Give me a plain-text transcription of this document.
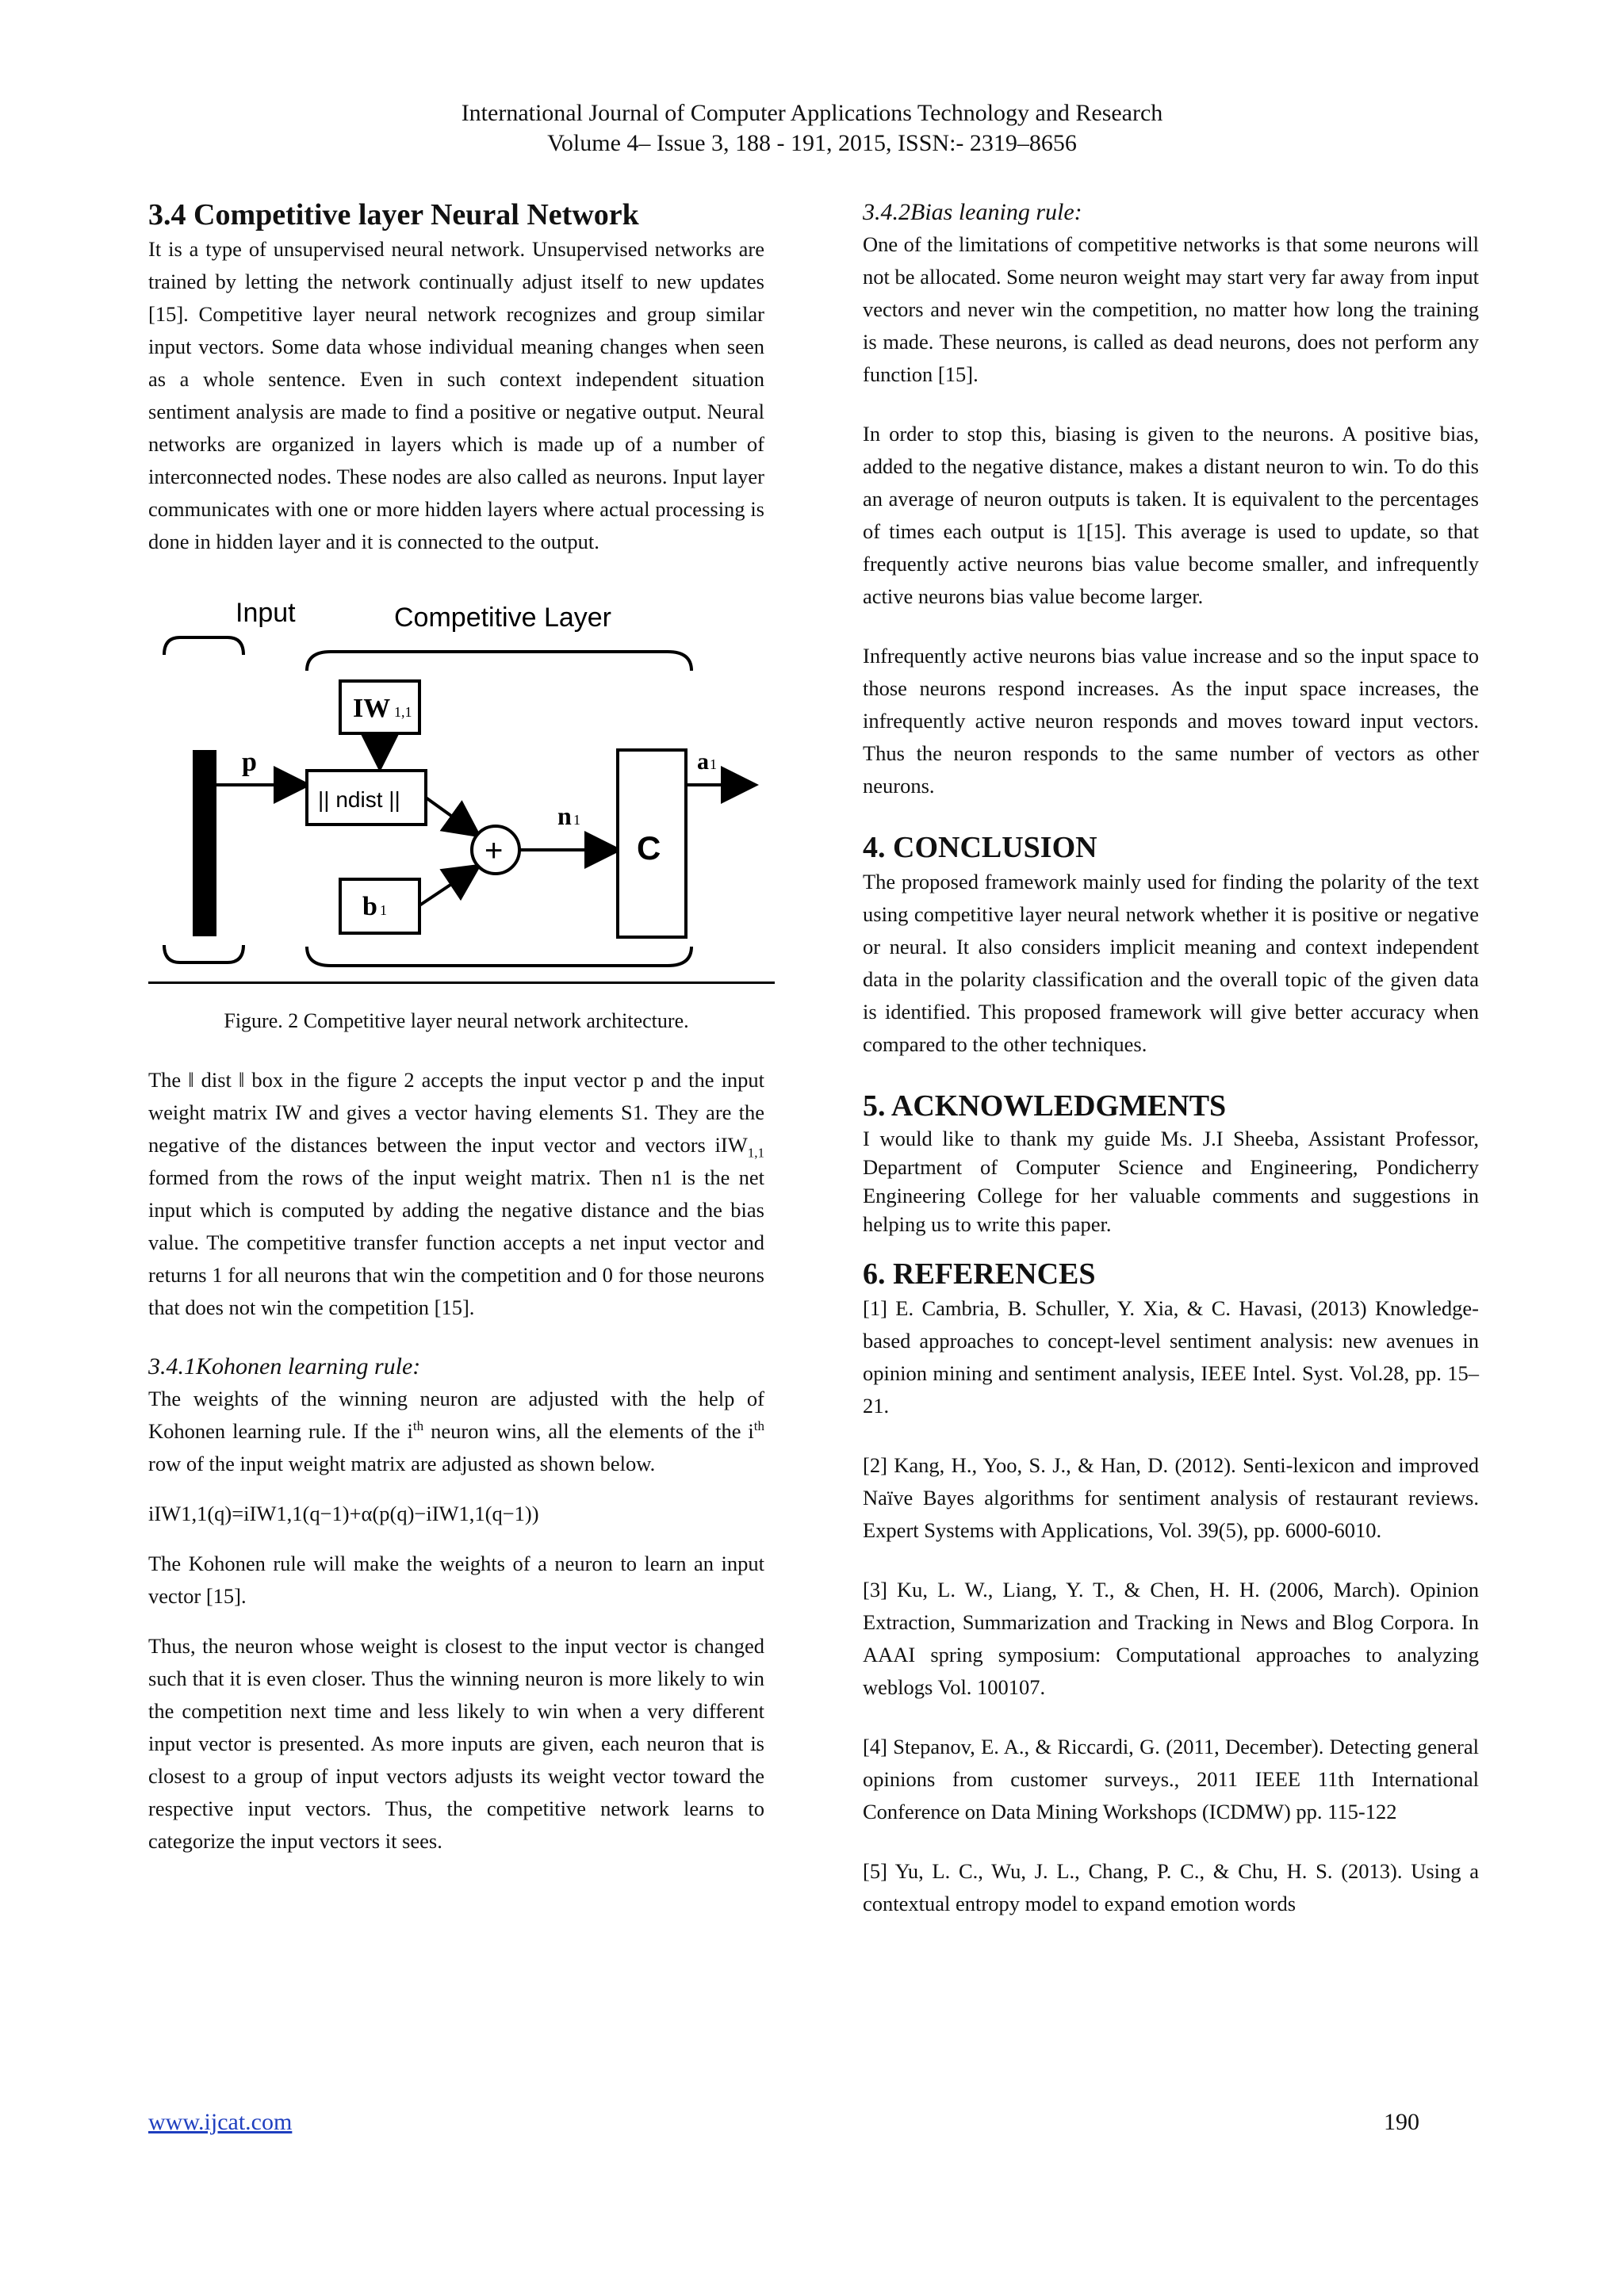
International Journal of Computer Applications Technology and Research
Volume 4– Issue 3, 188 - 191, 2015, ISSN:- 2319–8656
3.4 Competitive layer Neural Network

It is a type of unsupervised neural network. Unsupervised networks are trained by letting the network continually adjust itself to new updates [15]. Competitive layer neural network recognizes and group similar input vectors. Some data whose individual meaning changes when seen as a whole sentence. Even in such context independent situation sentiment analysis are made to find a positive or negative output. Neural networks are organized in layers which is made up of a number of interconnected nodes. These nodes are also called as neurons. Input layer communicates with one or more hidden layers where actual processing is done in hidden layer and it is connected to the output.

Input	Competitive Layer
p
IW 1,1
|| ndist ||
b 1
+
n 1
C
a 1
Figure. 2 Competitive layer neural network architecture.

The ǁ dist ǁ box in the figure 2 accepts the input vector p and the input weight matrix IW and gives a vector having elements S1. They are the negative of the distances between the input vector and vectors iIW$_{1,1}$ formed from the rows of the input weight matrix. Then n1 is the net input which is computed by adding the negative distance and the bias value. The competitive transfer function accepts a net input vector and returns 1 for all neurons that win the competition and 0 for those neurons that does not win the competition [15].

3.4.1Kohonen learning rule:

The weights of the winning neuron are adjusted with the help of Kohonen learning rule. If the $i^{th}$ neuron wins, all the elements of the $i^{th}$ row of the input weight matrix are adjusted as shown below.

iIW1,1(q)=iIW1,1(q−1)+α(p(q)−iIW1,1(q−1))

The Kohonen rule will make the weights of a neuron to learn an input vector [15].

Thus, the neuron whose weight is closest to the input vector is changed such that it is even closer. Thus the winning neuron is more likely to win the competition next time and less likely to win when a very different input vector is presented. As more inputs are given, each neuron that is closest to a group of input vectors adjusts its weight vector toward the respective input vectors. Thus, the competitive network learns to categorize the input vectors it sees.

3.4.2Bias leaning rule:

One of the limitations of competitive networks is that some neurons will not be allocated. Some neuron weight may start very far away from input vectors and never win the competition, no matter how long the training is made. These neurons, is called as dead neurons, does not perform any function [15].

In order to stop this, biasing is given to the neurons. A positive bias, added to the negative distance, makes a distant neuron to win. To do this an average of neuron outputs is taken. It is equivalent to the percentages of times each output is 1[15]. This average is used to update, so that frequently active neurons bias value become smaller, and infrequently active neurons bias value become larger.

Infrequently active neurons bias value increase and so the input space to those neurons respond increases. As the input space increases, the infrequently active neuron responds and moves toward input vectors. Thus the neuron responds to the same number of vectors as other neurons.

4. CONCLUSION

The proposed framework mainly used for finding the polarity of the text using competitive layer neural network whether it is positive or negative or neural. It also considers implicit meaning and context independent data in the polarity classification and the overall topic of the given data is identified. This proposed framework will give better accuracy when compared to the other techniques.

5. ACKNOWLEDGMENTS

I would like to thank my guide Ms. J.I Sheeba, Assistant Professor, Department of Computer Science and Engineering, Pondicherry Engineering College for her valuable comments and suggestions in helping us to write this paper.

6. REFERENCES

[1] E. Cambria, B. Schuller, Y. Xia, & C. Havasi, (2013) Knowledge-based approaches to concept-level sentiment analysis: new avenues in opinion mining and sentiment analysis, IEEE Intel. Syst. Vol.28, pp. 15–21.

[2] Kang, H., Yoo, S. J., & Han, D. (2012). Senti-lexicon and improved Naïve Bayes algorithms for sentiment analysis of restaurant reviews. Expert Systems with Applications, Vol. 39(5), pp. 6000-6010.

[3] Ku, L. W., Liang, Y. T., & Chen, H. H. (2006, March). Opinion Extraction, Summarization and Tracking in News and Blog Corpora. In AAAI spring symposium: Computational approaches to analyzing weblogs Vol. 100107.

[4] Stepanov, E. A., & Riccardi, G. (2011, December). Detecting general opinions from customer surveys., 2011 IEEE 11th International Conference on Data Mining Workshops (ICDMW) pp. 115-122

[5] Yu, L. C., Wu, J. L., Chang, P. C., & Chu, H. S. (2013). Using a contextual entropy model to expand emotion words

www.ijcat.com	190
